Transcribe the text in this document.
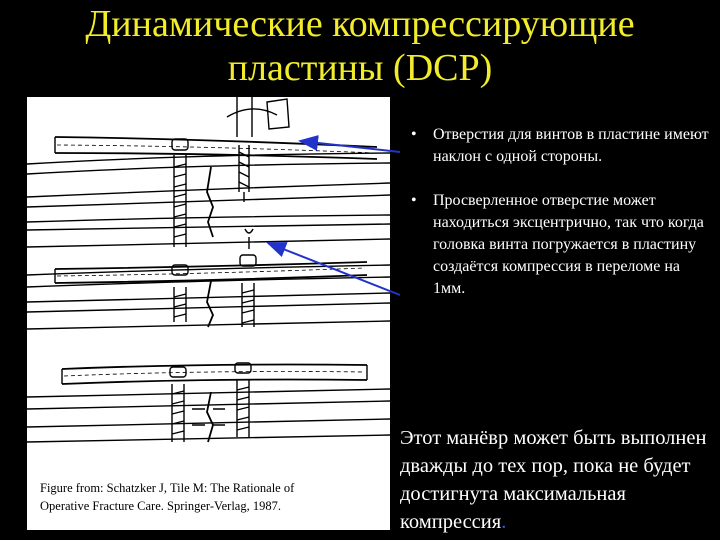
Динамические компрессирующие
пластины (DCP)
Figure from: Schatzker J, Tile M: The Rationale of
Operative Fracture Care. Springer-Verlag, 1987.
• Отверстия для винтов в пластине имеют наклон с одной стороны.
• Просверленное отверстие может находиться эксцентрично, так что когда головка винта погружается в пластину создаётся компрессия в переломе на 1мм.
Этот манёвр может быть выполнен дважды до тех пор, пока не будет достигнута максимальная компрессия.
